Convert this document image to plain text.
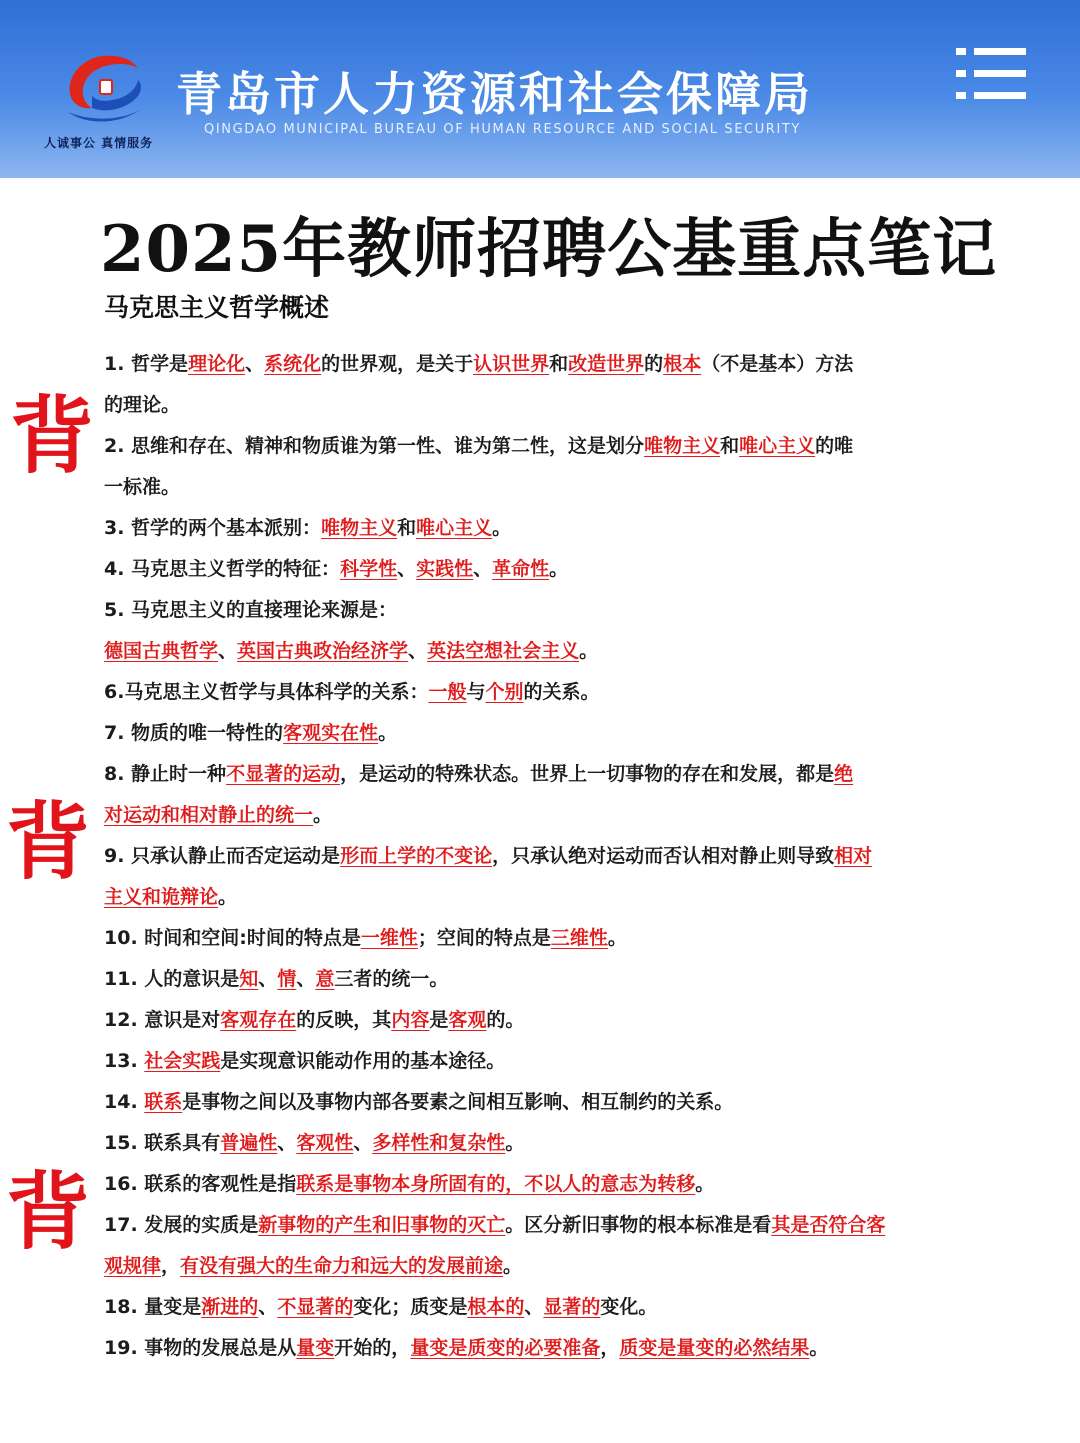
人诚事公 真情服务
青岛市人力资源和社会保障局
QINGDAO MUNICIPAL BUREAU OF HUMAN RESOURCE AND SOCIAL SECURITY
2025年教师招聘公基重点笔记
马克思主义哲学概述
背
背
背
1. 哲学是理论化、系统化的世界观，是关于认识世界和改造世界的根本（不是基本）方法
的理论。
2. 思维和存在、精神和物质谁为第一性、谁为第二性，这是划分唯物主义和唯心主义的唯
一标准。
3. 哲学的两个基本派别：唯物主义和唯心主义。
4. 马克思主义哲学的特征：科学性、实践性、革命性。
5. 马克思主义的直接理论来源是：
德国古典哲学、英国古典政治经济学、英法空想社会主义。
6.马克思主义哲学与具体科学的关系：一般与个别的关系。
7. 物质的唯一特性的客观实在性。
8. 静止时一种不显著的运动，是运动的特殊状态。世界上一切事物的存在和发展，都是绝
对运动和相对静止的统一。
9. 只承认静止而否定运动是形而上学的不变论，只承认绝对运动而否认相对静止则导致相对
主义和诡辩论。
10. 时间和空间:时间的特点是一维性；空间的特点是三维性。
11. 人的意识是知、情、意三者的统一。
12. 意识是对客观存在的反映，其内容是客观的。
13. 社会实践是实现意识能动作用的基本途径。
14. 联系是事物之间以及事物内部各要素之间相互影响、相互制约的关系。
15. 联系具有普遍性、客观性、多样性和复杂性。
16. 联系的客观性是指联系是事物本身所固有的，不以人的意志为转移。
17. 发展的实质是新事物的产生和旧事物的灭亡。区分新旧事物的根本标准是看其是否符合客
观规律，有没有强大的生命力和远大的发展前途。
18. 量变是渐进的、不显著的变化；质变是根本的、显著的变化。
19. 事物的发展总是从量变开始的，量变是质变的必要准备，质变是量变的必然结果。
